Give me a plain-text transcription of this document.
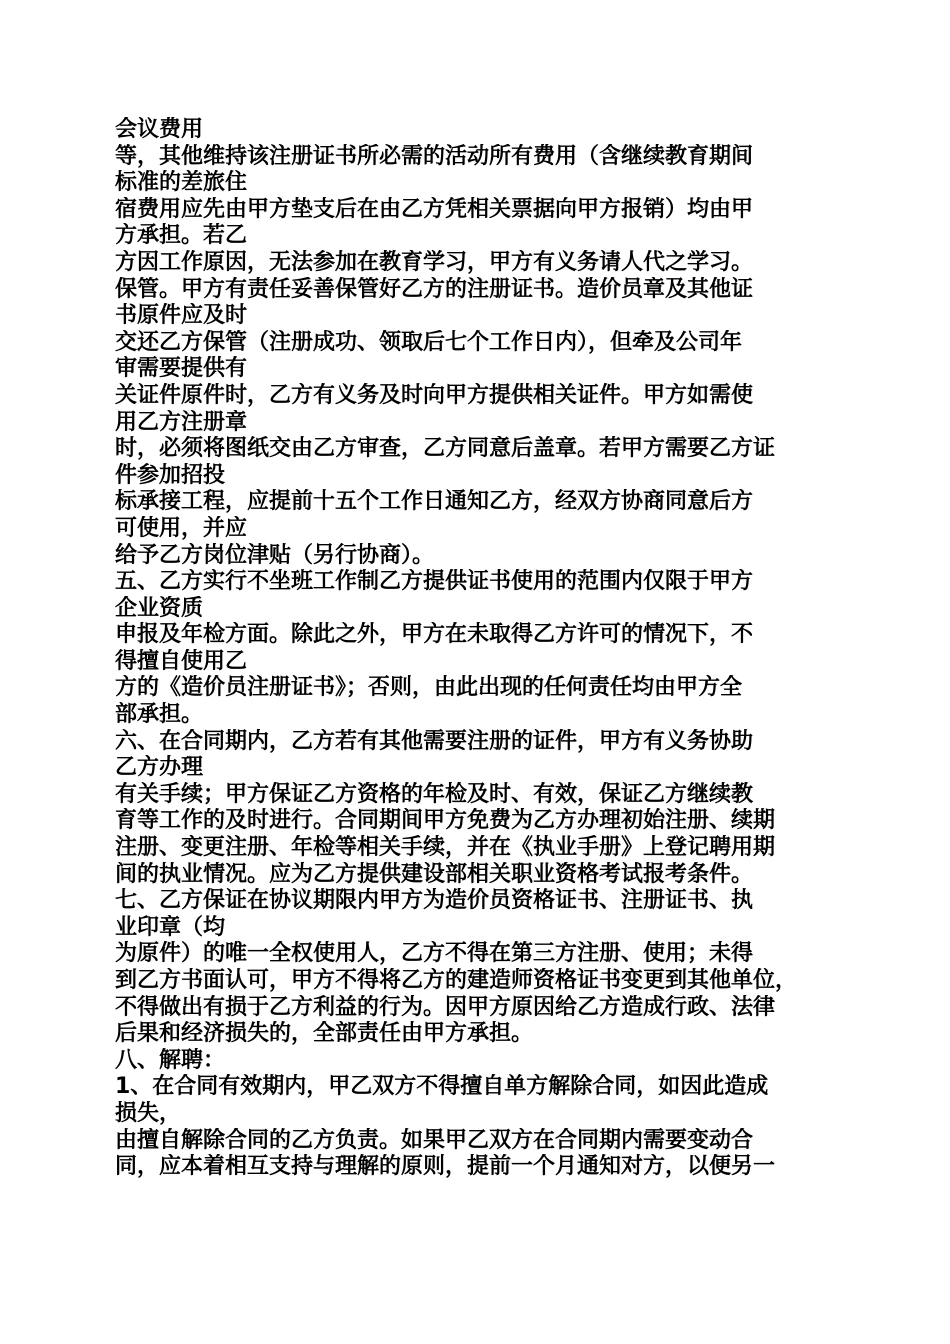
会议费用
等，其他维持该注册证书所必需的活动所有费用（含继续教育期间
标准的差旅住
宿费用应先由甲方垫支后在由乙方凭相关票据向甲方报销）均由甲
方承担。若乙
方因工作原因，无法参加在教育学习，甲方有义务请人代之学习。
保管。甲方有责任妥善保管好乙方的注册证书。造价员章及其他证
书原件应及时
交还乙方保管（注册成功、领取后七个工作日内），但牵及公司年
审需要提供有
关证件原件时，乙方有义务及时向甲方提供相关证件。甲方如需使
用乙方注册章
时，必须将图纸交由乙方审查，乙方同意后盖章。若甲方需要乙方证
件参加招投
标承接工程，应提前十五个工作日通知乙方，经双方协商同意后方
可使用，并应
给予乙方岗位津贴（另行协商）。
五、乙方实行不坐班工作制乙方提供证书使用的范围内仅限于甲方
企业资质
申报及年检方面。除此之外，甲方在未取得乙方许可的情况下，不
得擅自使用乙
方的《造价员注册证书》；否则，由此出现的任何责任均由甲方全
部承担。
六、在合同期内，乙方若有其他需要注册的证件，甲方有义务协助
乙方办理
有关手续；甲方保证乙方资格的年检及时、有效，保证乙方继续教
育等工作的及时进行。合同期间甲方免费为乙方办理初始注册、续期
注册、变更注册、年检等相关手续，并在《执业手册》上登记聘用期
间的执业情况。应为乙方提供建设部相关职业资格考试报考条件。
七、乙方保证在协议期限内甲方为造价员资格证书、注册证书、执
业印章（均
为原件）的唯一全权使用人，乙方不得在第三方注册、使用；未得
到乙方书面认可，甲方不得将乙方的建造师资格证书变更到其他单位，
不得做出有损于乙方利益的行为。因甲方原因给乙方造成行政、法律
后果和经济损失的，全部责任由甲方承担。
八、解聘：
1、在合同有效期内，甲乙双方不得擅自单方解除合同，如因此造成
损失，
由擅自解除合同的乙方负责。如果甲乙双方在合同期内需要变动合
同，应本着相互支持与理解的原则，提前一个月通知对方，以便另一
